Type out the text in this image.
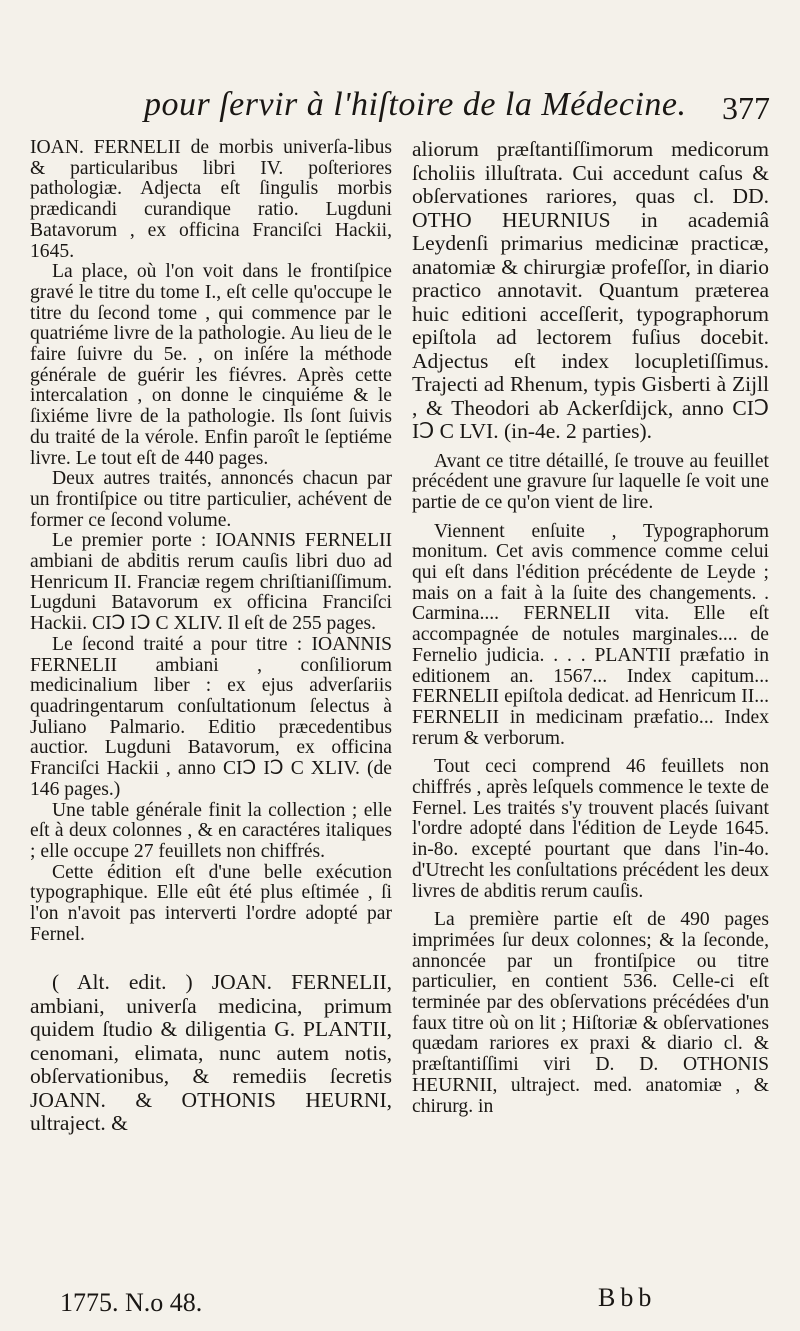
pour ſervir à l'hiſtoire de la Médecine. 377

IOAN. FERNELII de morbis univerſa-libus & particularibus libri IV. poſteriores pathologiæ. Adjecta eſt ſingulis morbis prædicandi curandique ratio. Lugduni Batavorum , ex officina Franciſci Hackii, 1645.

La place, où l'on voit dans le frontiſpice gravé le titre du tome I., eſt celle qu'occupe le titre du ſecond tome , qui commence par le quatriéme livre de la pathologie. Au lieu de le faire ſuivre du 5e. , on inſére la méthode générale de guérir les fiévres. Après cette intercalation , on donne le cinquiéme & le ſixiéme livre de la pathologie. Ils ſont ſuivis du traité de la vérole. Enfin paroît le ſeptiéme livre. Le tout eſt de 440 pages.

Deux autres traités, annoncés chacun par un frontiſpice ou titre particulier, achévent de former ce ſecond volume.

Le premier porte : IOANNIS FERNELII ambiani de abditis rerum cauſis libri duo ad Henricum II. Franciæ regem chriſtianiſſimum. Lugduni Batavorum ex officina Franciſci Hackii. CIↃ IↃ C XLIV. Il eſt de 255 pages.

Le ſecond traité a pour titre : IOANNIS FERNELII ambiani , conſiliorum medicinalium liber : ex ejus adverſariis quadringentarum conſultationum ſelectus à Juliano Palmario. Editio præcedentibus auctior. Lugduni Batavorum, ex officina Franciſci Hackii , anno CIↃ IↃ C XLIV. (de 146 pages.)

Une table générale finit la collection ; elle eſt à deux colonnes , & en caractéres italiques ; elle occupe 27 feuillets non chiffrés.

Cette édition eſt d'une belle exécution typographique. Elle eût été plus eſtimée , ſi l'on n'avoit pas interverti l'ordre adopté par Fernel.

( Alt. edit. ) JOAN. FERNELII, ambiani, univerſa medicina, primum quidem ſtudio & diligentia G. PLANTII, cenomani, elimata, nunc autem notis, obſervationibus, & remediis ſecretis JOANN. & OTHONIS HEURNI, ultraject. &

aliorum præſtantiſſimorum medicorum ſcholiis illuſtrata. Cui accedunt caſus & obſervationes rariores, quas cl. DD. OTHO HEURNIUS in academiâ Leydenſi primarius medicinæ practicæ, anatomiæ & chirurgiæ profeſſor, in diario practico annotavit. Quantum præterea huic editioni acceſſerit, typographorum epiſtola ad lectorem fuſius docebit. Adjectus eſt index locupletiſſimus. Trajecti ad Rhenum, typis Gisberti à Zijll , & Theodori ab Ackerſdijck, anno CIↃ IↃ C LVI. (in-4e. 2 parties).

Avant ce titre détaillé, ſe trouve au feuillet précédent une gravure ſur laquelle ſe voit une partie de ce qu'on vient de lire.

Viennent enſuite , Typographorum monitum. Cet avis commence comme celui qui eſt dans l'édition précédente de Leyde ; mais on a fait à la ſuite des changements. . Carmina.... FERNELII vita. Elle eſt accompagnée de notules marginales.... de Fernelio judicia. . . . PLANTII præfatio in editionem an. 1567... Index capitum... FERNELII epiſtola dedicat. ad Henricum II... FERNELII in medicinam præfatio... Index rerum & verborum.

Tout ceci comprend 46 feuillets non chiffrés , après leſquels commence le texte de Fernel. Les traités s'y trouvent placés ſuivant l'ordre adopté dans l'édition de Leyde 1645. in-8o. excepté pourtant que dans l'in-4o. d'Utrecht les conſultations précédent les deux livres de abditis rerum cauſis.

La première partie eſt de 490 pages imprimées ſur deux colonnes; & la ſeconde, annoncée par un frontiſpice ou titre particulier, en contient 536. Celle-ci eſt terminée par des obſervations précédées d'un faux titre où on lit ; Hiſtoriæ & obſervationes quædam rariores ex praxi & diario cl. & præſtantiſſimi viri D. D. OTHONIS HEURNII, ultraject. med. anatomiæ , & chirurg. in

1775. N.o 48.	Bbb
